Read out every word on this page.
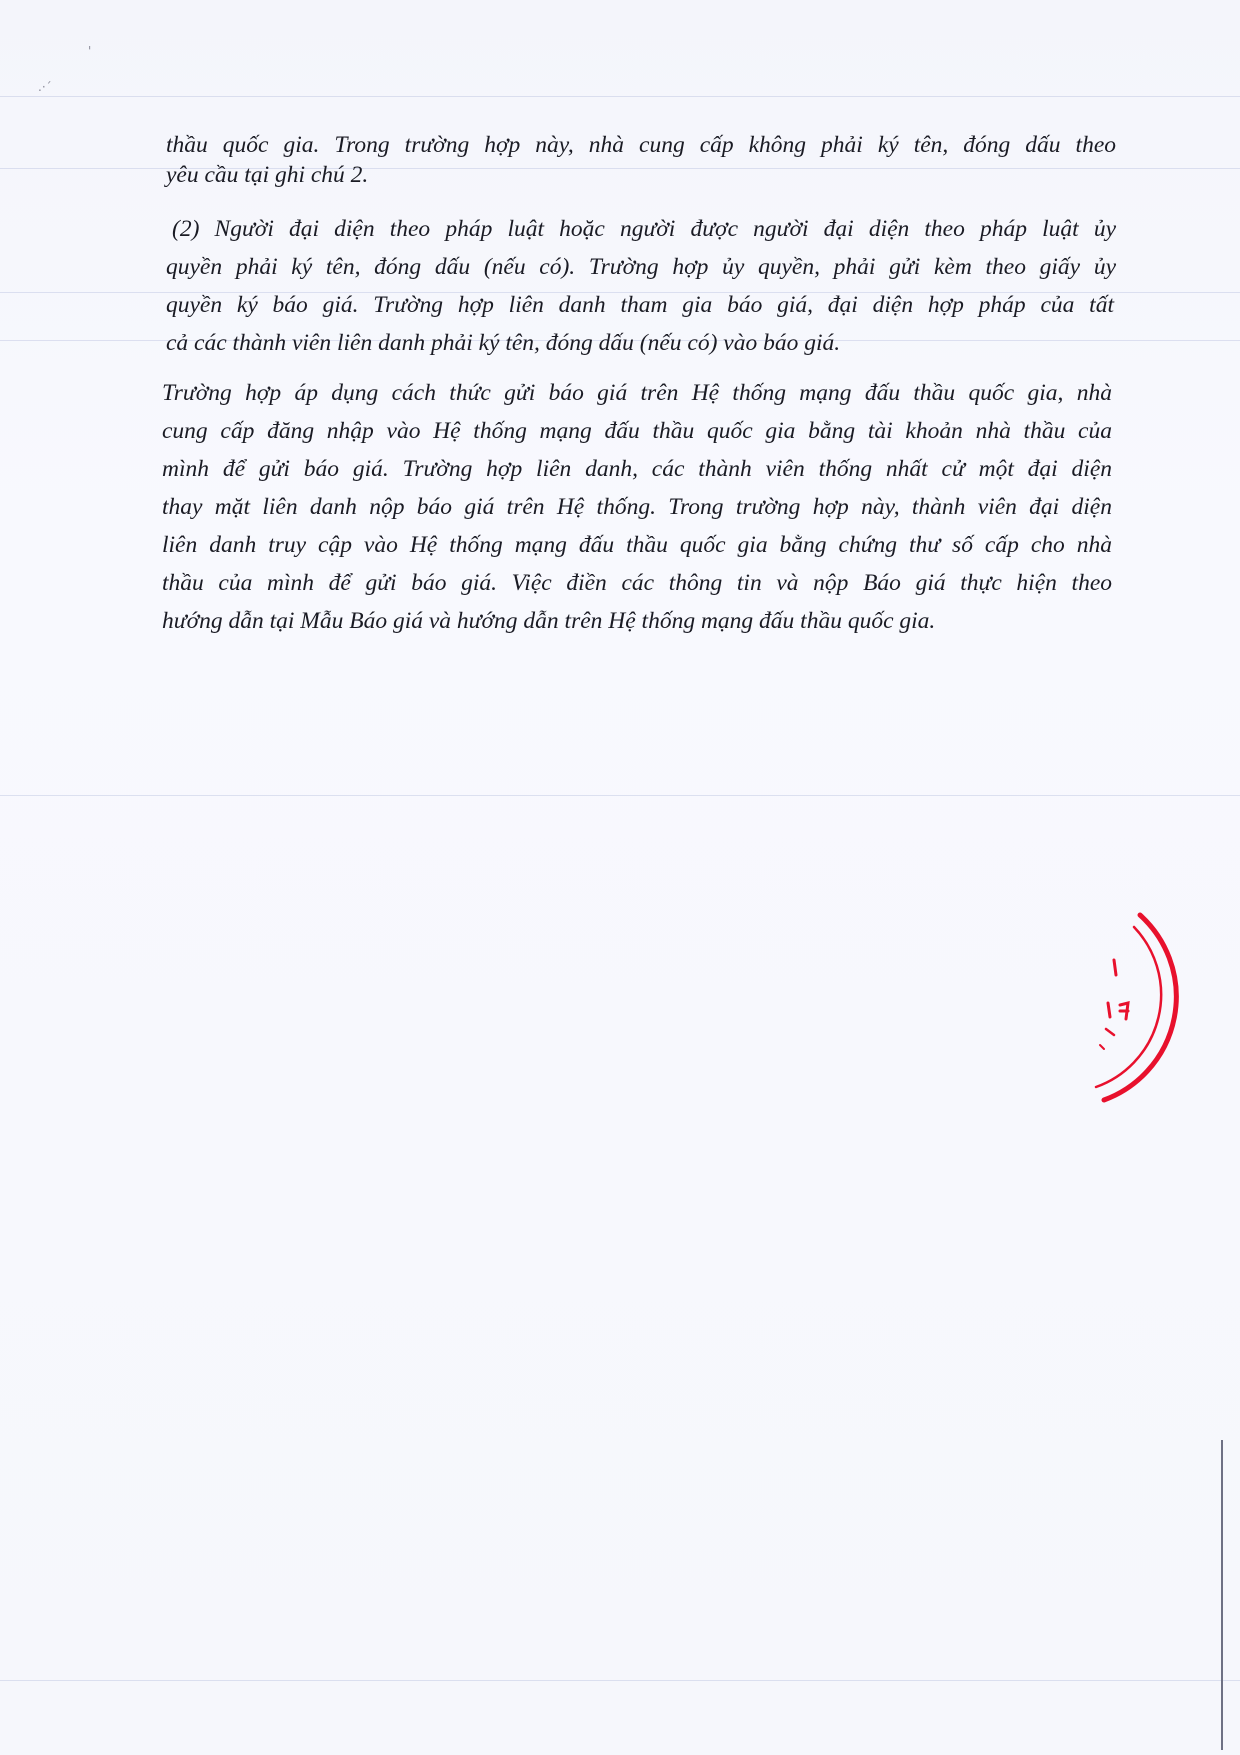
'
.·´
thầu quốc gia. Trong trường hợp này, nhà cung cấp không phải ký tên, đóng dấu theo
yêu cầu tại ghi chú 2.
(2) Người đại diện theo pháp luật hoặc người được người đại diện theo pháp luật ủy
quyền phải ký tên, đóng dấu (nếu có). Trường hợp ủy quyền, phải gửi kèm theo giấy ủy
quyền ký báo giá. Trường hợp liên danh tham gia báo giá, đại diện hợp pháp của tất
cả các thành viên liên danh phải ký tên, đóng dấu (nếu có) vào báo giá.
Trường hợp áp dụng cách thức gửi báo giá trên Hệ thống mạng đấu thầu quốc gia, nhà
cung cấp đăng nhập vào Hệ thống mạng đấu thầu quốc gia bằng tài khoản nhà thầu của
mình để gửi báo giá. Trường hợp liên danh, các thành viên thống nhất cử một đại diện
thay mặt liên danh nộp báo giá trên Hệ thống. Trong trường hợp này, thành viên đại diện
liên danh truy cập vào Hệ thống mạng đấu thầu quốc gia bằng chứng thư số cấp cho nhà
thầu của mình để gửi báo giá. Việc điền các thông tin và nộp Báo giá thực hiện theo
hướng dẫn tại Mẫu Báo giá và hướng dẫn trên Hệ thống mạng đấu thầu quốc gia.
